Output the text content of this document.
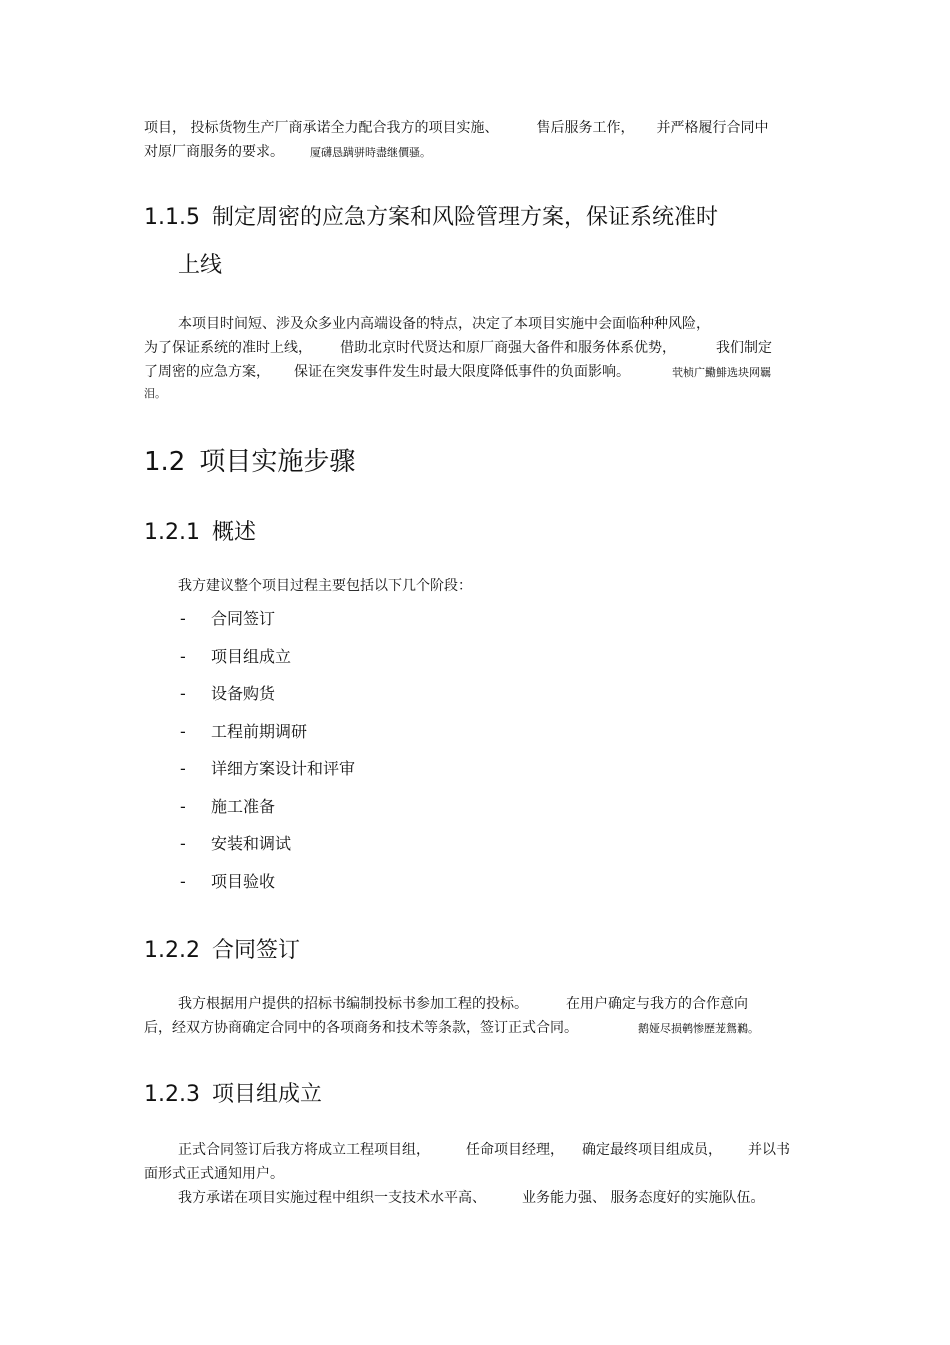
项目， 投标货物生产厂商承诺全力配合我方的项目实施、	售后服务工作， 并严格履行合同中

对原厂商服务的要求。 厦礴恳蹒骈時盡继價骚。

1.1.5 制定周密的应急方案和风险管理方案，保证系统准时
上线

本项目时间短、涉及众多业内高端设备的特点，决定了本项目实施中会面临种种风险，

为了保证系统的准时上线， 借助北京时代贤达和原厂商强大备件和服务体系优势，	我们制定

了周密的应急方案， 保证在突发事件发生时最大限度降低事件的负面影响。	茕桢广鰳鯡选块网羈

泪。

1.2 项目实施步骤
1.2.1 概述

我方建议整个项目过程主要包括以下几个阶段：

- 合同签订
- 项目组成立
- 设备购货
- 工程前期调研
- 详细方案设计和评审
- 施工准备
- 安装和调试
- 项目验收
1.2.2 合同签订

我方根据用户提供的招标书编制投标书参加工程的投标。	在用户确定与我方的合作意向

后，经双方协商确定合同中的各项商务和技术等条款，签订正式合同。	鹅娅尽损鹌惨歷茏鴛鶼。

1.2.3 项目组成立

正式合同签订后我方将成立工程项目组，	任命项目经理， 确定最终项目组成员， 并以书

面形式正式通知用户。

我方承诺在项目实施过程中组织一支技术水平高、	业务能力强、 服务态度好的实施队伍。
